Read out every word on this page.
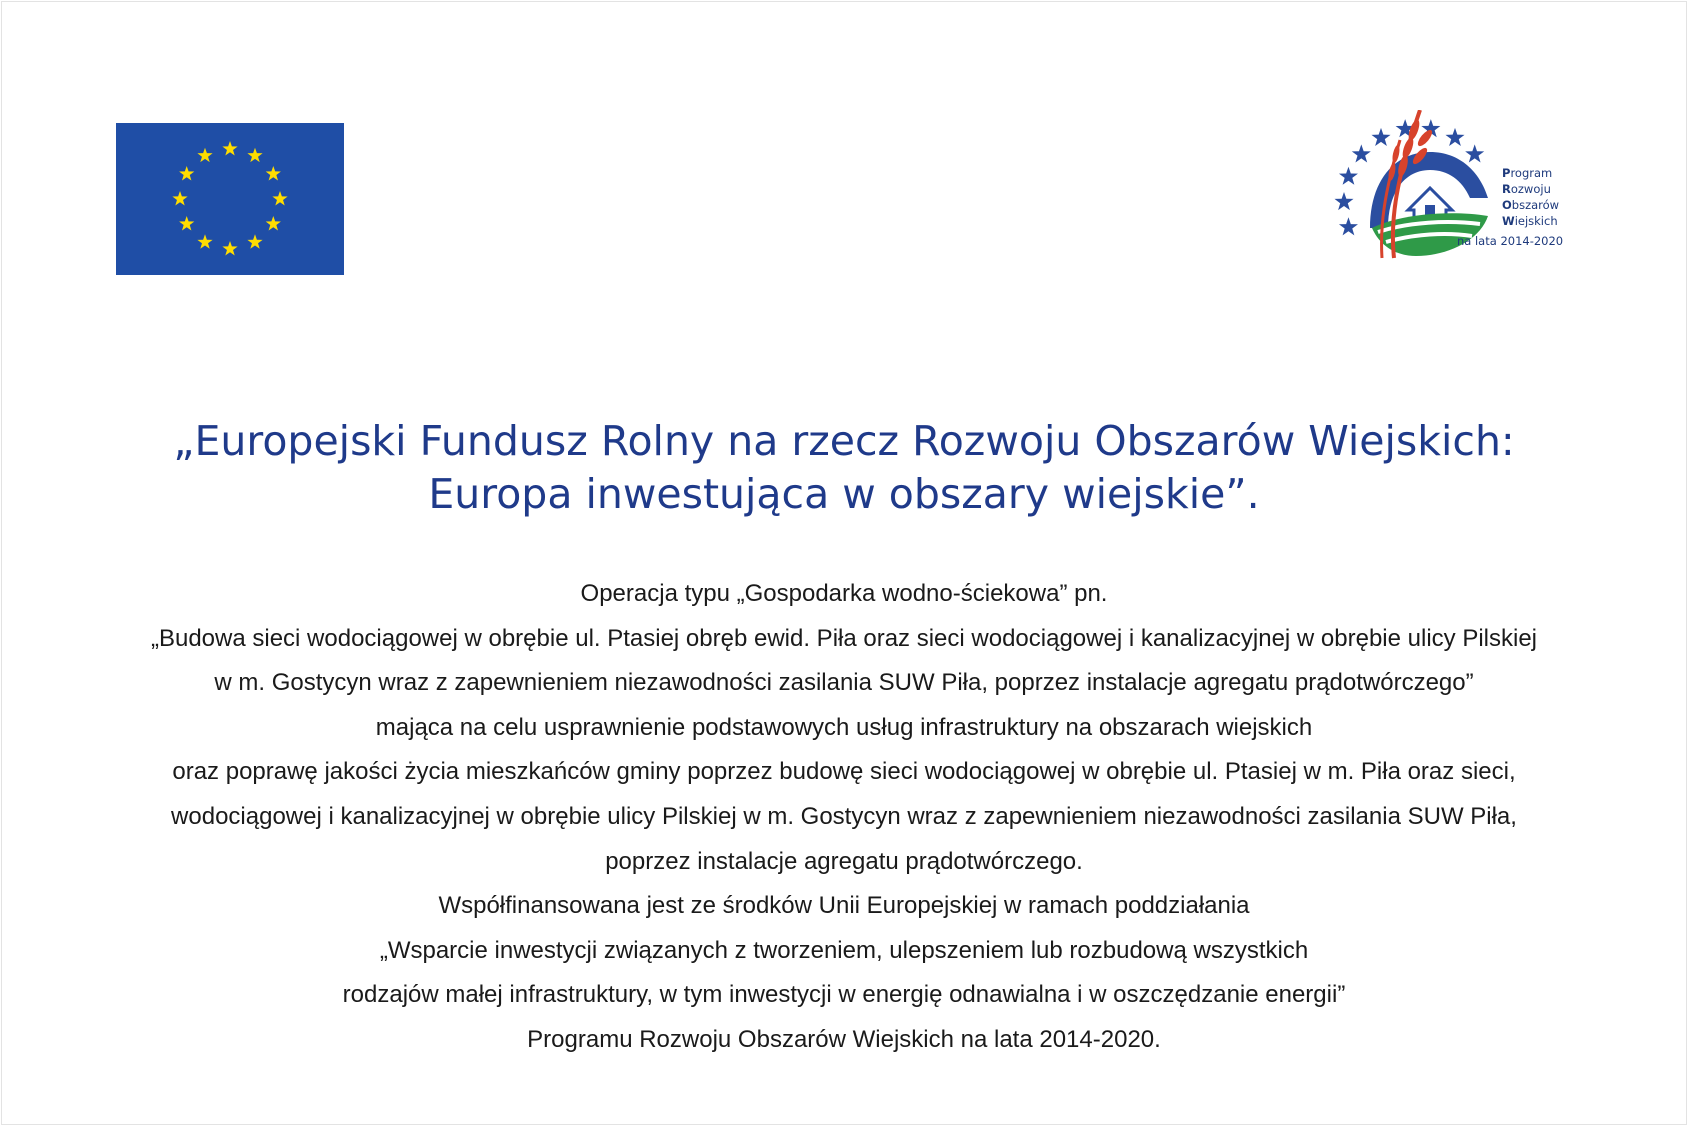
Program
Rozwoju
Obszarów
Wiejskich
na lata 2014-2020
„Europejski Fundusz Rolny na rzecz Rozwoju Obszarów Wiejskich:
Europa inwestująca w obszary wiejskie”.
Operacja typu „Gospodarka wodno-ściekowa” pn.
„Budowa sieci wodociągowej w obrębie ul. Ptasiej obręb ewid. Piła oraz sieci wodociągowej i kanalizacyjnej w obrębie ulicy Pilskiej
w m. Gostycyn wraz z zapewnieniem niezawodności zasilania SUW Piła, poprzez instalacje agregatu prądotwórczego”
mająca na celu usprawnienie podstawowych usług infrastruktury na obszarach wiejskich
oraz poprawę jakości życia mieszkańców gminy poprzez budowę sieci wodociągowej w obrębie ul. Ptasiej w m. Piła oraz sieci,
wodociągowej i kanalizacyjnej w obrębie ulicy Pilskiej w m. Gostycyn wraz z zapewnieniem niezawodności zasilania SUW Piła,
poprzez instalacje agregatu prądotwórczego.
Współfinansowana jest ze środków Unii Europejskiej w ramach poddziałania
„Wsparcie inwestycji związanych z tworzeniem, ulepszeniem lub rozbudową wszystkich
rodzajów małej infrastruktury, w tym inwestycji w energię odnawialna i w oszczędzanie energii”
Programu Rozwoju Obszarów Wiejskich na lata 2014-2020.
